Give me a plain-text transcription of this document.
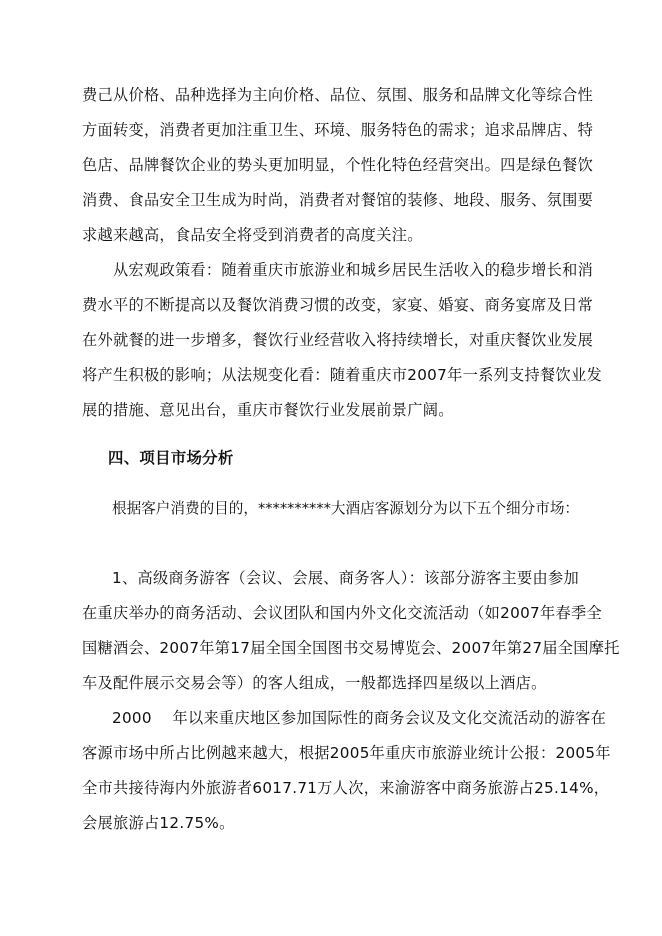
费己从价格、品种选择为主向价格、品位、氛围、服务和品牌文化等综合性
方面转变，消费者更加注重卫生、环境、服务特色的需求；追求品牌店、特
色店、品牌餐饮企业的势头更加明显，个性化特色经营突出。四是绿色餐饮
消费、食品安全卫生成为时尚，消费者对餐馆的装修、地段、服务、氛围要
求越来越高，食品安全将受到消费者的高度关注。
从宏观政策看：随着重庆市旅游业和城乡居民生活收入的稳步增长和消
费水平的不断提高以及餐饮消费习惯的改变，家宴、婚宴、商务宴席及日常
在外就餐的进一步增多，餐饮行业经营收入将持续增长，对重庆餐饮业发展
将产生积极的影响；从法规变化看：随着重庆市2007年一系列支持餐饮业发
展的措施、意见出台，重庆市餐饮行业发展前景广阔。
四、项目市场分析
根据客户消费的目的，**********大酒店客源划分为以下五个细分市场：
1、高级商务游客（会议、会展、商务客人）：该部分游客主要由参加
在重庆举办的商务活动、会议团队和国内外文化交流活动（如2007年春季全
国糖酒会、2007年第17届全国全国图书交易博览会、2007年第27届全国摩托
车及配件展示交易会等）的客人组成，一般都选择四星级以上酒店。
2000　 年以来重庆地区参加国际性的商务会议及文化交流活动的游客在
客源市场中所占比例越来越大，根据2005年重庆市旅游业统计公报：2005年
全市共接待海内外旅游者6017.71万人次，来渝游客中商务旅游占25.14%，
会展旅游占12.75%。
